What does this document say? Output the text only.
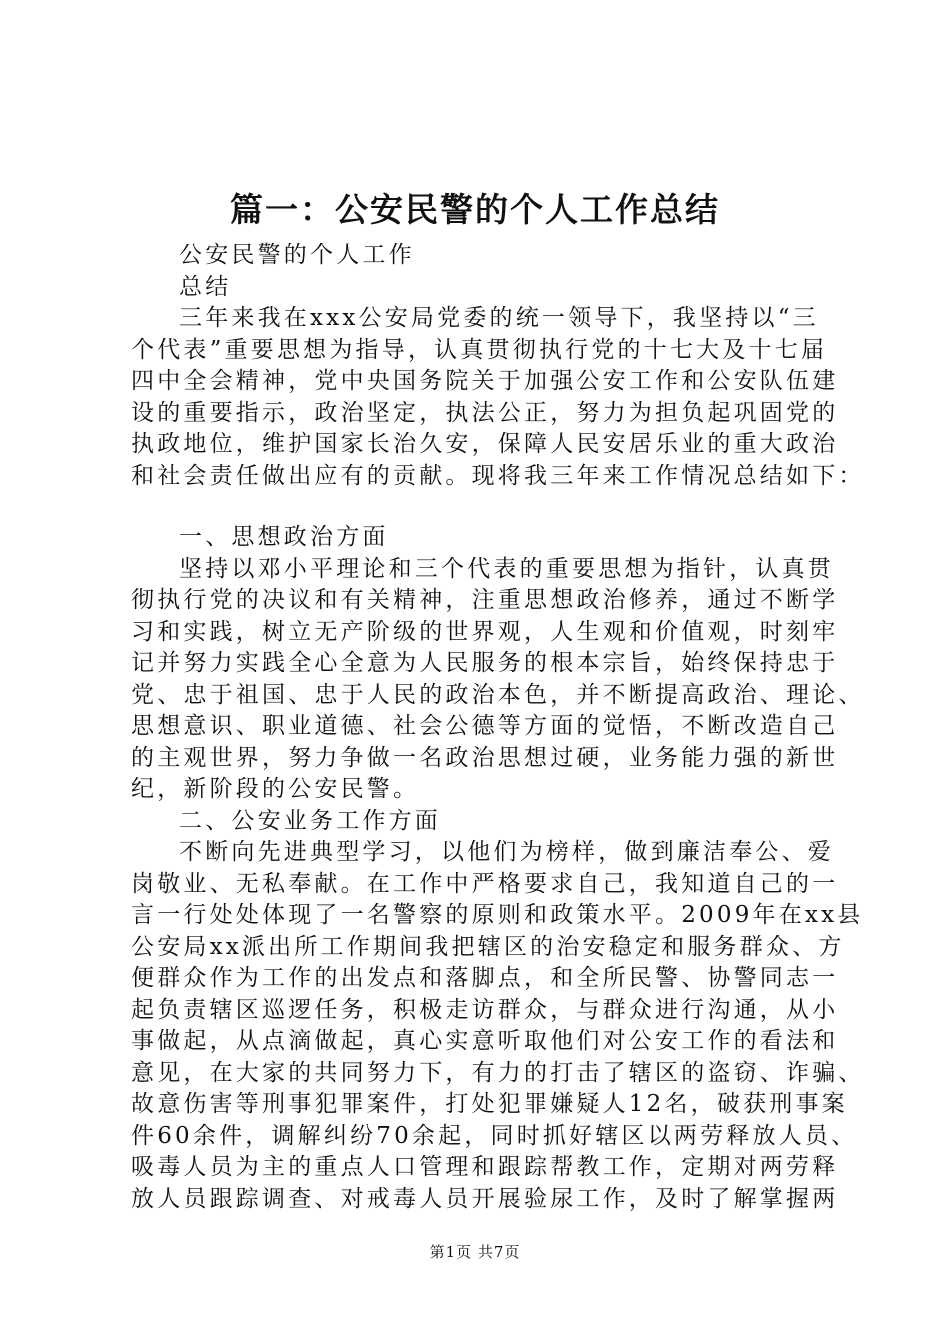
篇一：公安民警的个人工作总结
公安民警的个人工作
总结
三年来我在xxx公安局党委的统一领导下，我坚持以“三
个代表”重要思想为指导，认真贯彻执行党的十七大及十七届
四中全会精神，党中央国务院关于加强公安工作和公安队伍建
设的重要指示，政治坚定，执法公正，努力为担负起巩固党的
执政地位，维护国家长治久安，保障人民安居乐业的重大政治
和社会责任做出应有的贡献。现将我三年来工作情况总结如下：
一、思想政治方面
坚持以邓小平理论和三个代表的重要思想为指针，认真贯
彻执行党的决议和有关精神，注重思想政治修养，通过不断学
习和实践，树立无产阶级的世界观，人生观和价值观，时刻牢
记并努力实践全心全意为人民服务的根本宗旨，始终保持忠于
党、忠于祖国、忠于人民的政治本色，并不断提高政治、理论、
思想意识、职业道德、社会公德等方面的觉悟，不断改造自己
的主观世界，努力争做一名政治思想过硬，业务能力强的新世
纪，新阶段的公安民警。
二、公安业务工作方面
不断向先进典型学习，以他们为榜样，做到廉洁奉公、爱
岗敬业、无私奉献。在工作中严格要求自己，我知道自己的一
言一行处处体现了一名警察的原则和政策水平。2009年在xx县
公安局xx派出所工作期间我把辖区的治安稳定和服务群众、方
便群众作为工作的出发点和落脚点，和全所民警、协警同志一
起负责辖区巡逻任务，积极走访群众，与群众进行沟通，从小
事做起，从点滴做起，真心实意听取他们对公安工作的看法和
意见，在大家的共同努力下，有力的打击了辖区的盗窃、诈骗、
故意伤害等刑事犯罪案件，打处犯罪嫌疑人12名，破获刑事案
件60余件，调解纠纷70余起，同时抓好辖区以两劳释放人员、
吸毒人员为主的重点人口管理和跟踪帮教工作，定期对两劳释
放人员跟踪调查、对戒毒人员开展验尿工作，及时了解掌握两
第1页 共7页
